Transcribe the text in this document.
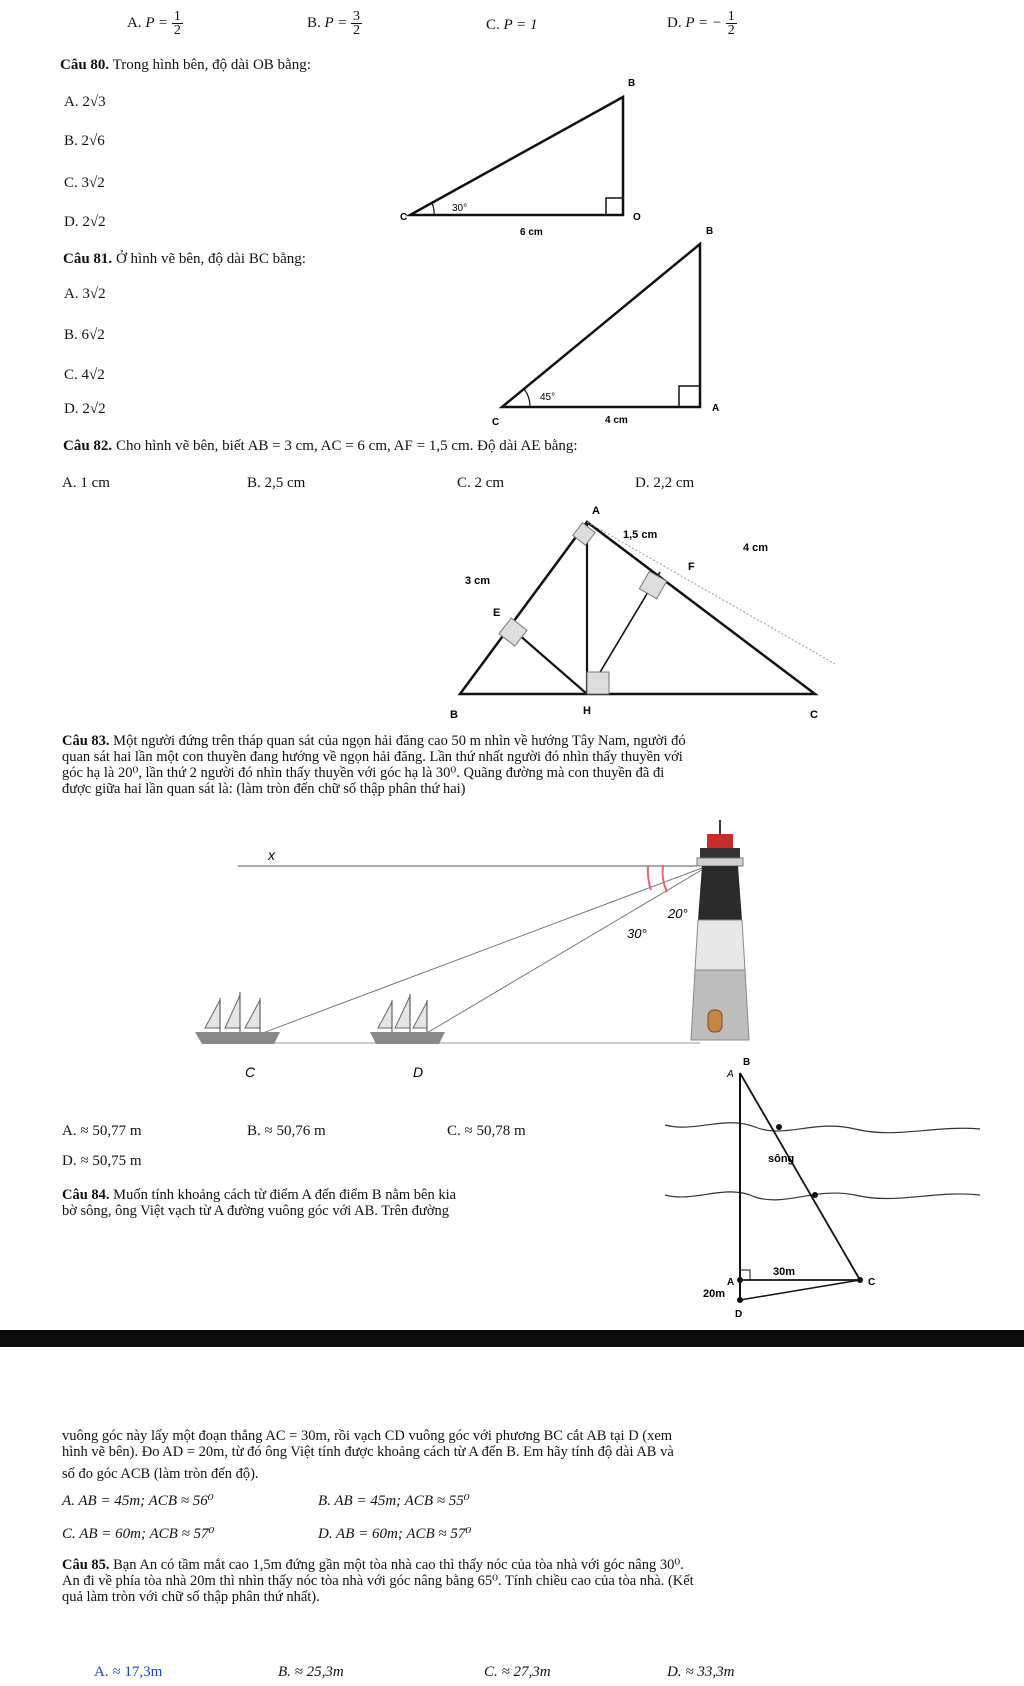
A. $P = \frac{1}{2}$	B. $P = \frac{3}{2}$	C. P = 1	D. P = − $\frac{1}{2}$
Câu 80. Trong hình bên, độ dài OB bằng:
A. 2√3
B. 2√6
C. 3√2
D. 2√2
B
C	O
30°
6 cm
Câu 81. Ở hình vẽ bên, độ dài BC bằng:
A. 3√2
B. 6√2
C. 4√2
D. 2√2
B
C
A
45°
4 cm
Câu 82. Cho hình vẽ bên, biết AB = 3 cm, AC = 6 cm, AF = 1,5 cm. Độ dài AE bằng:
A. 1 cm	B. 2,5 cm	C. 2 cm	D. 2,2 cm
A
B	C
H
E
F
3 cm
1,5 cm
4 cm
Câu 83. Một người đứng trên tháp quan sát của ngọn hải đăng cao 50 m nhìn về hướng Tây Nam, người đó
quan sát hai lần một con thuyền đang hướng về ngọn hải đăng. Lần thứ nhất người đó nhìn thấy thuyền với
góc hạ là 20⁰, lần thứ 2 người đó nhìn thấy thuyền với góc hạ là 30⁰. Quãng đường mà con thuyền đã đi
được giữa hai lần quan sát là: (làm tròn đến chữ số thập phân thứ hai)
x
20°
30°
C	D
A. ≈ 50,77 m	B. ≈ 50,76 m	C. ≈ 50,78 m
D. ≈ 50,75 m
Câu 84. Muốn tính khoảng cách từ điểm A đến điểm B nằm bên kia
bờ sông, ông Việt vạch từ A đường vuông góc với AB. Trên đường
B
A
sông
A	C
D
30m
20m
vuông góc này lấy một đoạn thẳng AC = 30m, rồi vạch CD vuông góc với phương BC cắt AB tại D (xem
hình vẽ bên). Đo AD = 20m, từ đó ông Việt tính được khoảng cách từ A đến B. Em hãy tính độ dài AB và
số đo góc ACB (làm tròn đến độ).
A. AB = 45m; ACB ≈ 56⁰	B. AB = 45m; ACB ≈ 55⁰
C. AB = 60m; ACB ≈ 57⁰	D. AB = 60m; ACB ≈ 57⁰
Câu 85. Bạn An có tầm mắt cao 1,5m đứng gần một tòa nhà cao thì thấy nóc của tòa nhà với góc nâng 30⁰.
An đi về phía tòa nhà 20m thì nhìn thấy nóc tòa nhà với góc nâng bằng 65⁰. Tính chiều cao của tòa nhà. (Kết
quả làm tròn với chữ số thập phân thứ nhất).
A. ≈ 17,3m	B. ≈ 25,3m	C. ≈ 27,3m	D. ≈ 33,3m
